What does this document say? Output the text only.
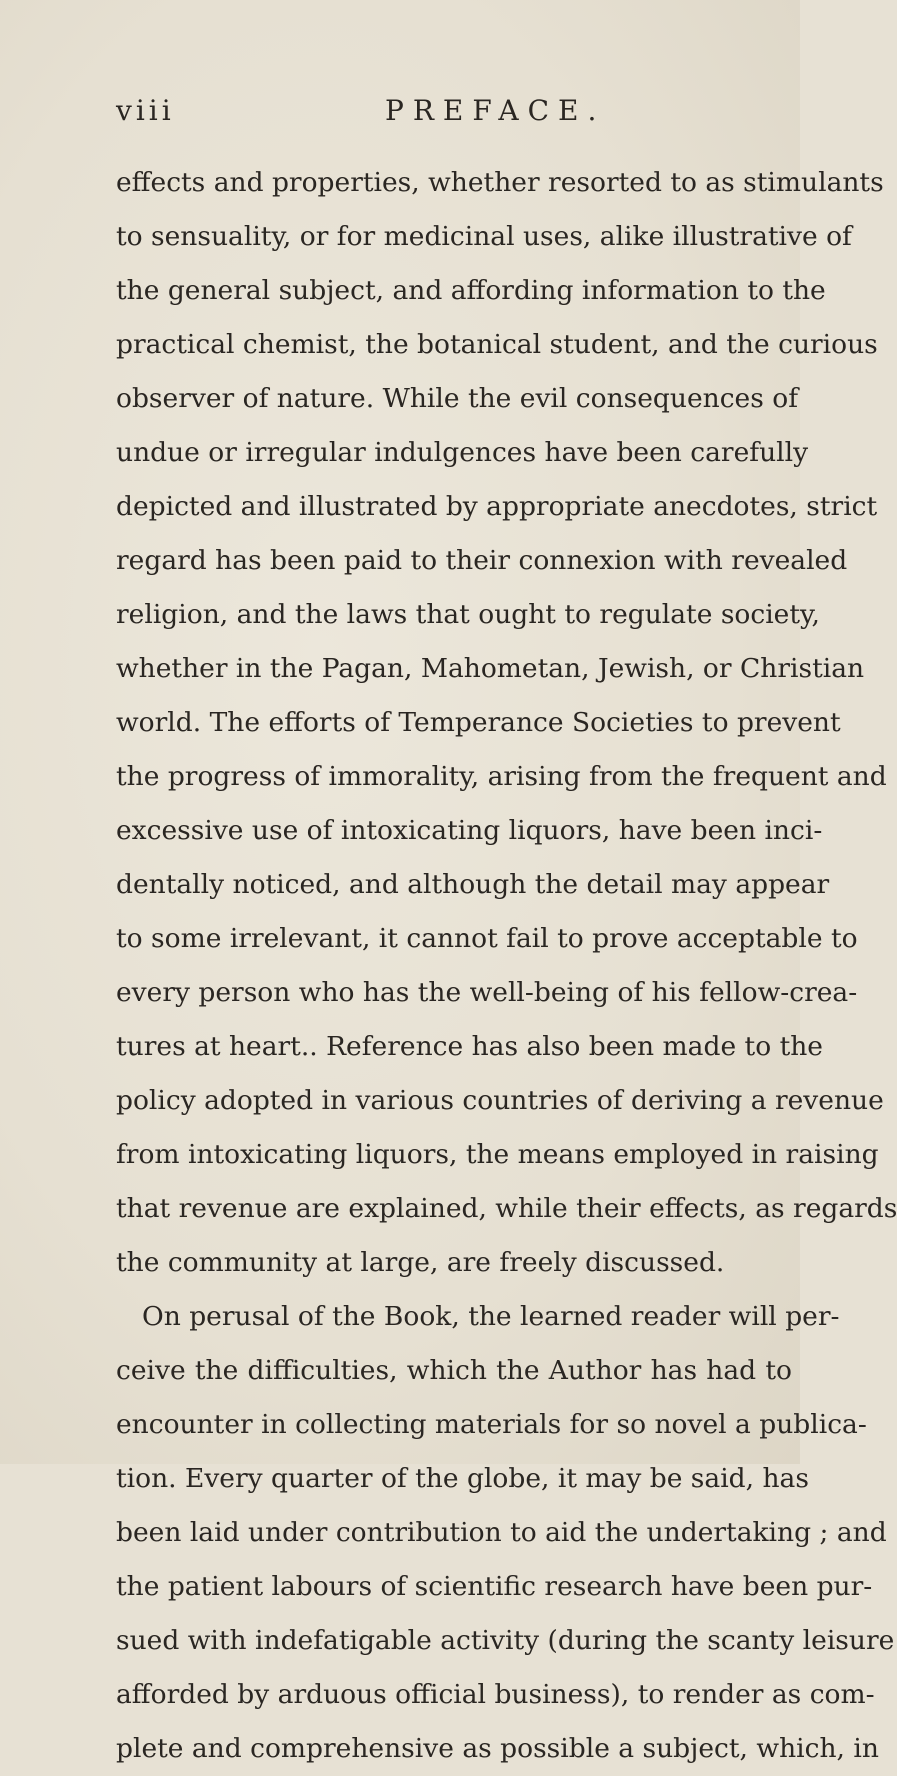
viii	PREFACE.
effects and properties, whether resorted to as stimulants
to sensuality, or for medicinal uses, alike illustrative of
the general subject, and affording information to the
practical chemist, the botanical student, and the curious
observer of nature. While the evil consequences of
undue or irregular indulgences have been carefully
depicted and illustrated by appropriate anecdotes, strict
regard has been paid to their connexion with revealed
religion, and the laws that ought to regulate society,
whether in the Pagan, Mahometan, Jewish, or Christian
world. The efforts of Temperance Societies to prevent
the progress of immorality, arising from the frequent and
excessive use of intoxicating liquors, have been inci-
dentally noticed, and although the detail may appear
to some irrelevant, it cannot fail to prove acceptable to
every person who has the well-being of his fellow-crea-
tures at heart.. Reference has also been made to the
policy adopted in various countries of deriving a revenue
from intoxicating liquors, the means employed in raising
that revenue are explained, while their effects, as regards
the community at large, are freely discussed.
On perusal of the Book, the learned reader will per-
ceive the difficulties, which the Author has had to
encounter in collecting materials for so novel a publica-
tion. Every quarter of the globe, it may be said, has
been laid under contribution to aid the undertaking ; and
the patient labours of scientific research have been pur-
sued with indefatigable activity (during the scanty leisure
afforded by arduous official business), to render as com-
plete and comprehensive as possible a subject, which, in
